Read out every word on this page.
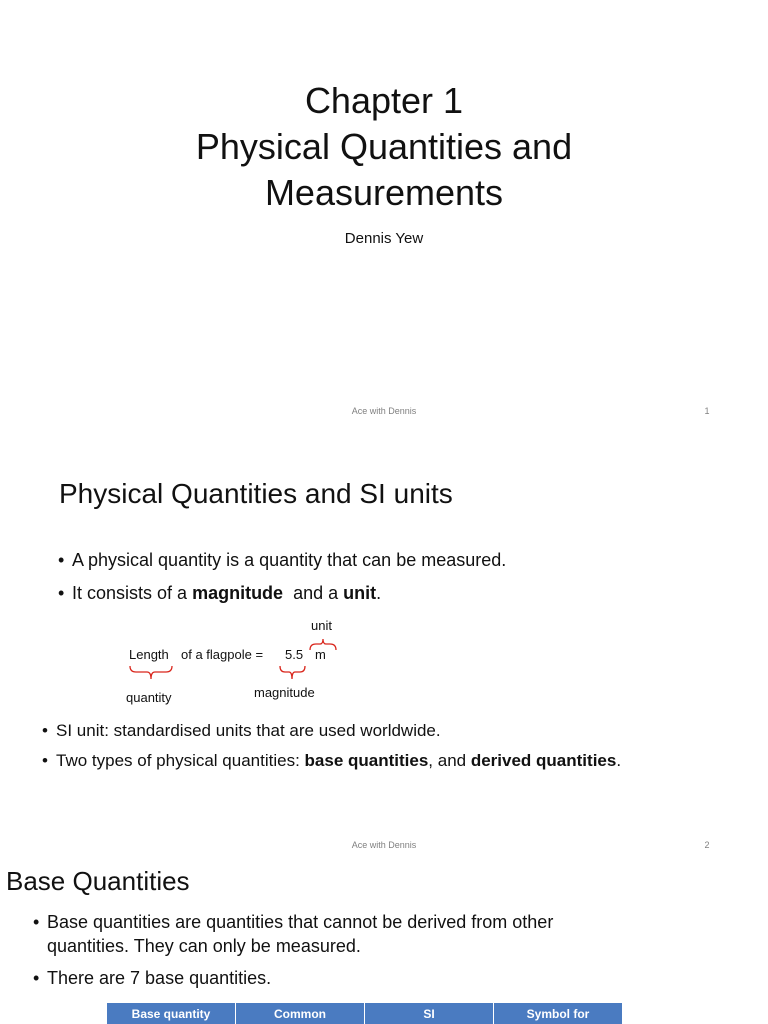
Chapter 1
Physical Quantities and
Measurements
Dennis Yew
Ace with Dennis	1
Physical Quantities and SI units
• A physical quantity is a quantity that can be measured.
• It consists of a magnitude  and a unit.
unit
Length of a flagpole = 5.5 m
magnitude
quantity
• SI unit: standardised units that are used worldwide.
• Two types of physical quantities: base quantities, and derived quantities.
Ace with Dennis	2
Base Quantities
• Base quantities are quantities that cannot be derived from other
quantities. They can only be measured.
• There are 7 base quantities.
Base quantity	Common	SI	Symbol for
